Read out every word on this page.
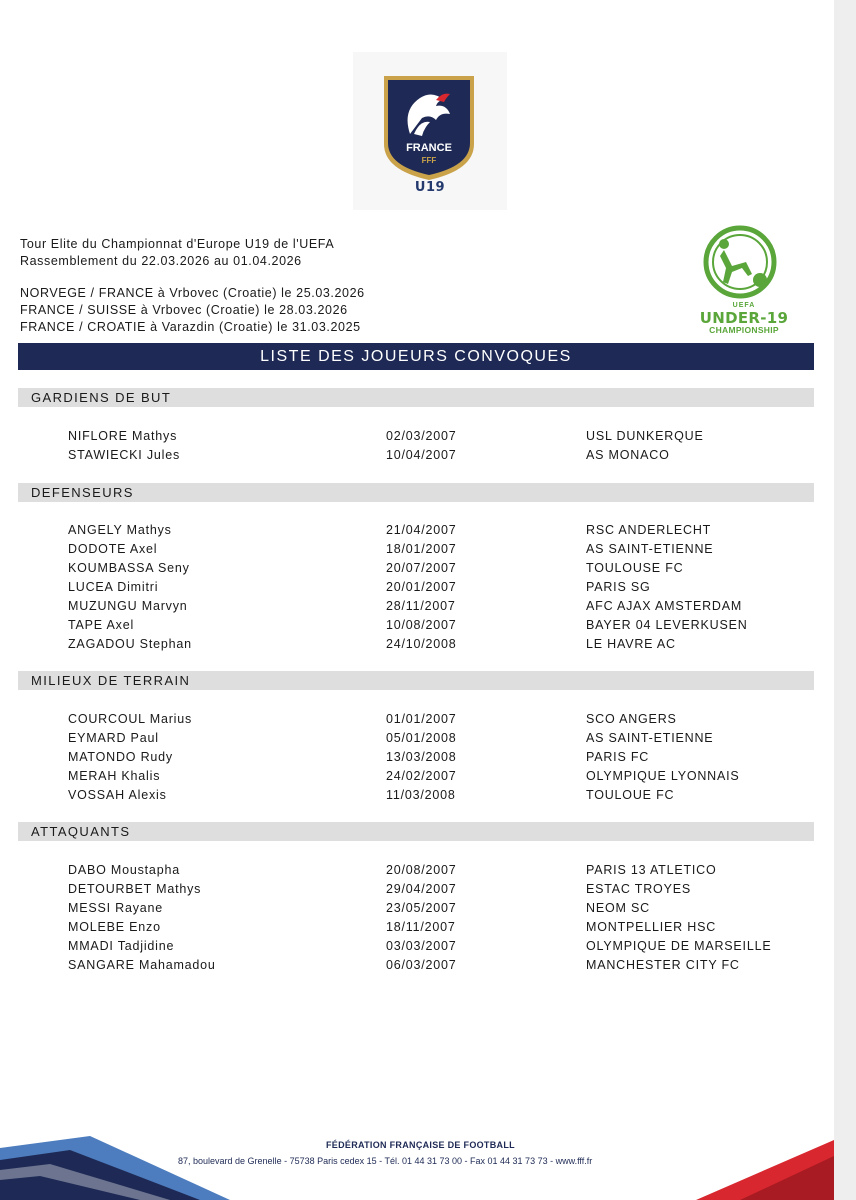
FRANCE
FFF
U19
Tour Elite du Championnat d'Europe U19 de l'UEFA
Rassemblement du 22.03.2026 au 01.04.2026
NORVEGE / FRANCE à Vrbovec (Croatie) le 25.03.2026
FRANCE / SUISSE à Vrbovec (Croatie) le 28.03.2026
FRANCE / CROATIE à Varazdin (Croatie) le 31.03.2025
UEFA
UNDER-19
CHAMPIONSHIP
LISTE DES JOUEURS CONVOQUES
GARDIENS DE BUT
NIFLORE Mathys	02/03/2007	USL DUNKERQUE
STAWIECKI Jules	10/04/2007	AS MONACO
DEFENSEURS
ANGELY Mathys	21/04/2007	RSC ANDERLECHT
DODOTE Axel	18/01/2007	AS SAINT-ETIENNE
KOUMBASSA Seny	20/07/2007	TOULOUSE FC
LUCEA Dimitri	20/01/2007	PARIS SG
MUZUNGU Marvyn	28/11/2007	AFC AJAX AMSTERDAM
TAPE Axel	10/08/2007	BAYER 04 LEVERKUSEN
ZAGADOU Stephan	24/10/2008	LE HAVRE AC
MILIEUX DE TERRAIN
COURCOUL Marius	01/01/2007	SCO ANGERS
EYMARD Paul	05/01/2008	AS SAINT-ETIENNE
MATONDO Rudy	13/03/2008	PARIS FC
MERAH Khalis	24/02/2007	OLYMPIQUE LYONNAIS
VOSSAH Alexis	11/03/2008	TOULOUE FC
ATTAQUANTS
DABO Moustapha	20/08/2007	PARIS 13 ATLETICO
DETOURBET Mathys	29/04/2007	ESTAC TROYES
MESSI Rayane	23/05/2007	NEOM SC
MOLEBE Enzo	18/11/2007	MONTPELLIER HSC
MMADI Tadjidine	03/03/2007	OLYMPIQUE DE MARSEILLE
SANGARE Mahamadou	06/03/2007	MANCHESTER CITY FC
FÉDÉRATION FRANÇAISE DE FOOTBALL
87, boulevard de Grenelle - 75738 Paris cedex 15 - Tél. 01 44 31 73 00 - Fax 01 44 31 73 73 - www.fff.fr
